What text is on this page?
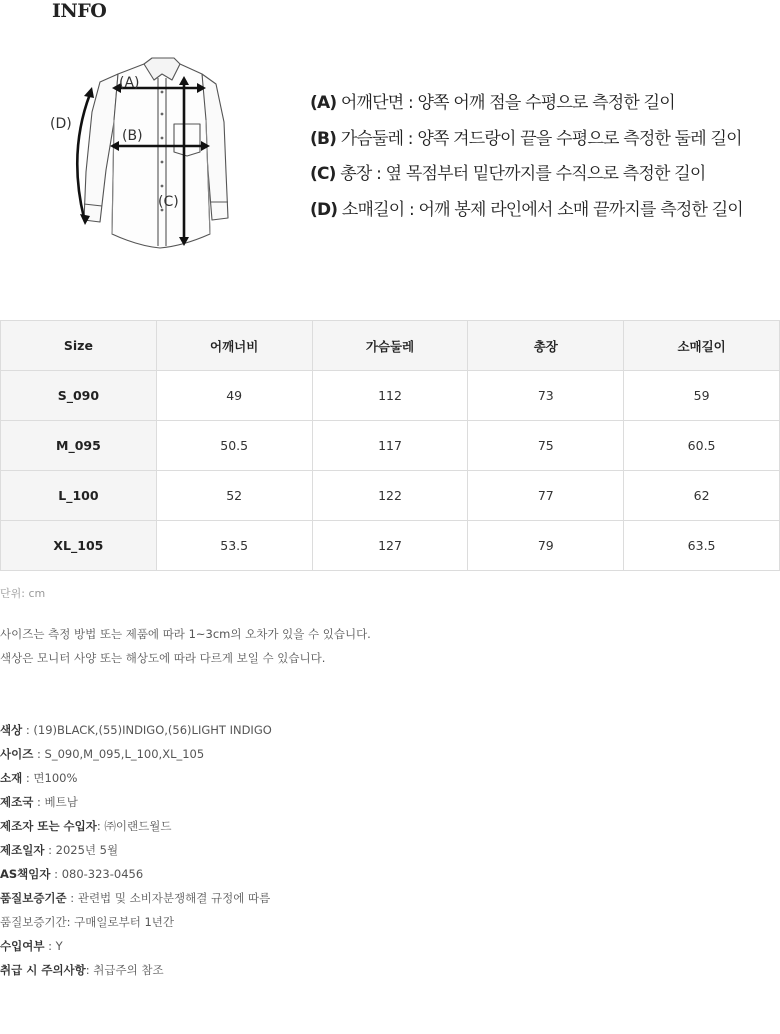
INFO
(A)
(B)
(C)
(D)
(A) 어깨단면 : 양쪽 어깨 점을 수평으로 측정한 길이
(B) 가슴둘레 : 양쪽 겨드랑이 끝을 수평으로 측정한 둘레 길이
(C) 총장 : 옆 목점부터 밑단까지를 수직으로 측정한 길이
(D) 소매길이 : 어깨 봉제 라인에서 소매 끝까지를 측정한 길이
Size	어깨너비	가슴둘레	총장	소매길이
S_090	49	112	73	59
M_095	50.5	117	75	60.5
L_100	52	122	77	62
XL_105	53.5	127	79	63.5
단위: cm
사이즈는 측정 방법 또는 제품에 따라 1~3cm의 오차가 있을 수 있습니다.
색상은 모니터 사양 또는 해상도에 따라 다르게 보일 수 있습니다.
색상 : (19)BLACK,(55)INDIGO,(56)LIGHT INDIGO
사이즈 : S_090,M_095,L_100,XL_105
소재 : 면100%
제조국 : 베트남
제조자 또는 수입자: ㈜이랜드월드
제조일자 : 2025년 5월
AS책임자 : 080-323-0456
품질보증기준 : 관련법 및 소비자분쟁해결 규정에 따름
품질보증기간: 구매일로부터 1년간
수입여부 : Y
취급 시 주의사항: 취급주의 참조
